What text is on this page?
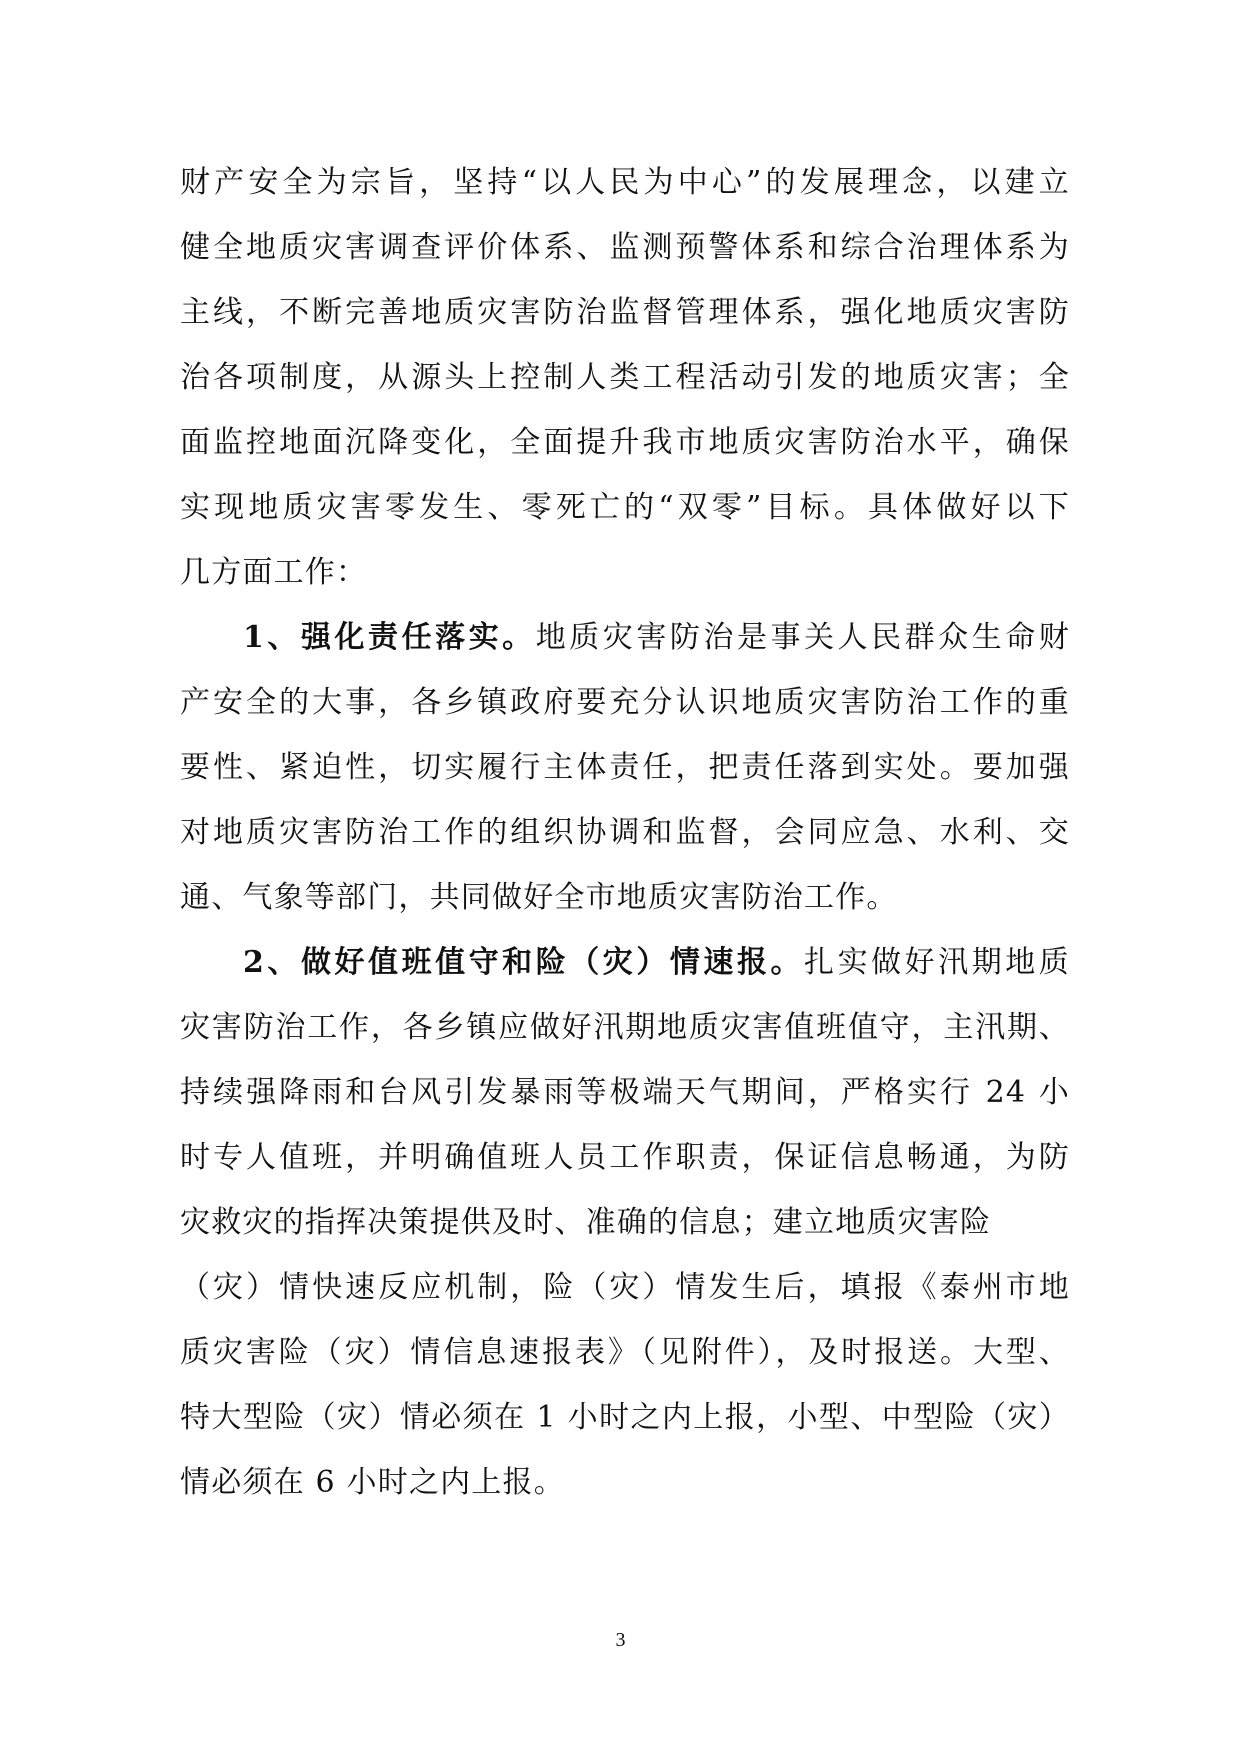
财产安全为宗旨，坚持“以人民为中心”的发展理念，以建立
健全地质灾害调查评价体系、监测预警体系和综合治理体系为
主线，不断完善地质灾害防治监督管理体系，强化地质灾害防
治各项制度，从源头上控制人类工程活动引发的地质灾害；全
面监控地面沉降变化，全面提升我市地质灾害防治水平，确保
实现地质灾害零发生、零死亡的“双零”目标。具体做好以下
几方面工作：
1、强化责任落实。地质灾害防治是事关人民群众生命财
产安全的大事，各乡镇政府要充分认识地质灾害防治工作的重
要性、紧迫性，切实履行主体责任，把责任落到实处。要加强
对地质灾害防治工作的组织协调和监督，会同应急、水利、交
通、气象等部门，共同做好全市地质灾害防治工作。
2、做好值班值守和险（灾）情速报。扎实做好汛期地质
灾害防治工作，各乡镇应做好汛期地质灾害值班值守，主汛期、
持续强降雨和台风引发暴雨等极端天气期间，严格实行 24 小
时专人值班，并明确值班人员工作职责，保证信息畅通，为防
灾救灾的指挥决策提供及时、准确的信息；建立地质灾害险
（灾）情快速反应机制，险（灾）情发生后，填报《泰州市地
质灾害险（灾）情信息速报表》（见附件），及时报送。大型、
特大型险（灾）情必须在 1 小时之内上报，小型、中型险（灾）
情必须在 6 小时之内上报。
3
